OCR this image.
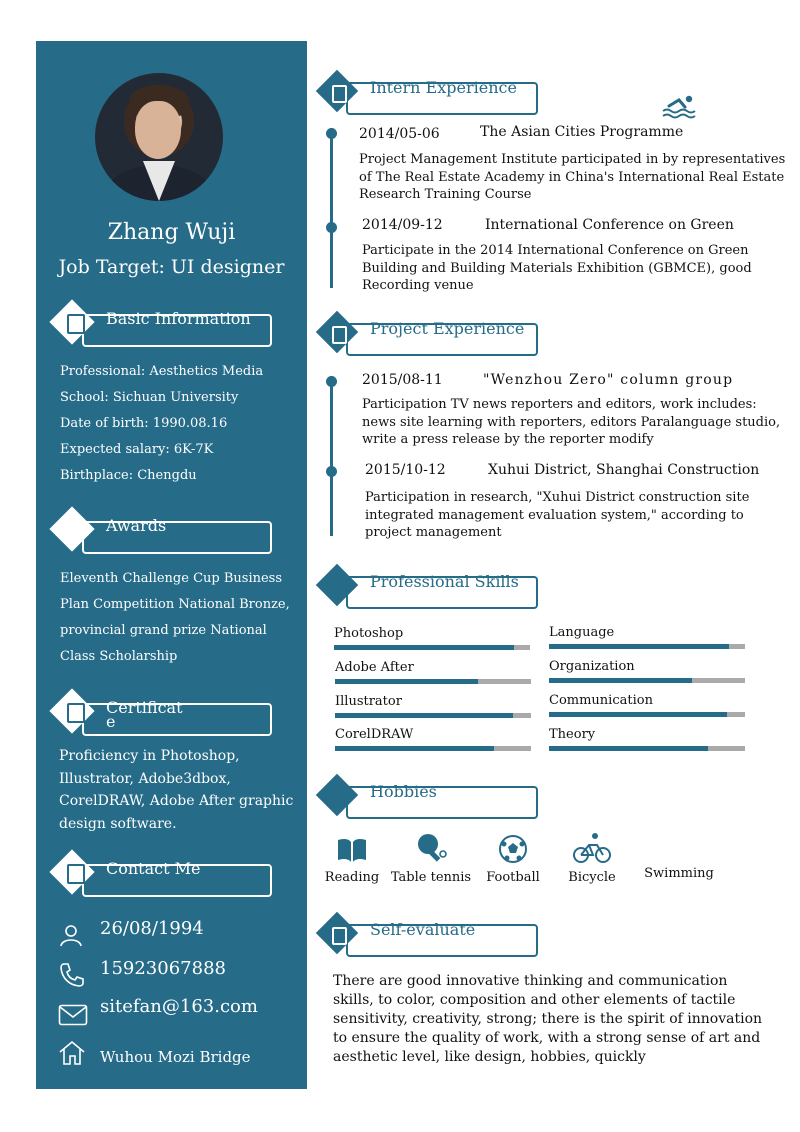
Zhang Wuji
Job Target: UI designer
Basic Information
Professional: Aesthetics Media
School: Sichuan University
Date of birth: 1990.08.16
Expected salary: 6K-7K
Birthplace: Chengdu
Awards
Eleventh Challenge Cup Business
Plan Competition National Bronze,
provincial grand prize National
Class Scholarship
Certificat
e
Proficiency in Photoshop,
Illustrator, Adobe3dbox,
CorelDRAW, Adobe After graphic
design software.
Contact Me
26/08/1994
15923067888
sitefan@163.com
Wuhou Mozi Bridge
Intern Experience
2014/05-06	The Asian Cities Programme
Project Management Institute participated in by representatives
of The Real Estate Academy in China's International Real Estate
Research Training Course
2014/09-12	International Conference on Green
Participate in the 2014 International Conference on Green
Building and Building Materials Exhibition (GBMCE), good
Recording venue
Project Experience
2015/08-11	"Wenzhou Zero" column group
Participation TV news reporters and editors, work includes:
news site learning with reporters, editors Paralanguage studio,
write a press release by the reporter modify
2015/10-12	Xuhui District, Shanghai Construction
Participation in research, "Xuhui District construction site
integrated management evaluation system," according to
project management
Professional Skills
Photoshop	Language
Adobe After	Organization
Illustrator	Communication
CorelDRAW	Theory
Hobbies
Reading Table tennis Football	Bicycle	Swimming
Self-evaluate
There are good innovative thinking and communication
skills, to color, composition and other elements of tactile
sensitivity, creativity, strong; there is the spirit of innovation
to ensure the quality of work, with a strong sense of art and
aesthetic level, like design, hobbies, quickly
